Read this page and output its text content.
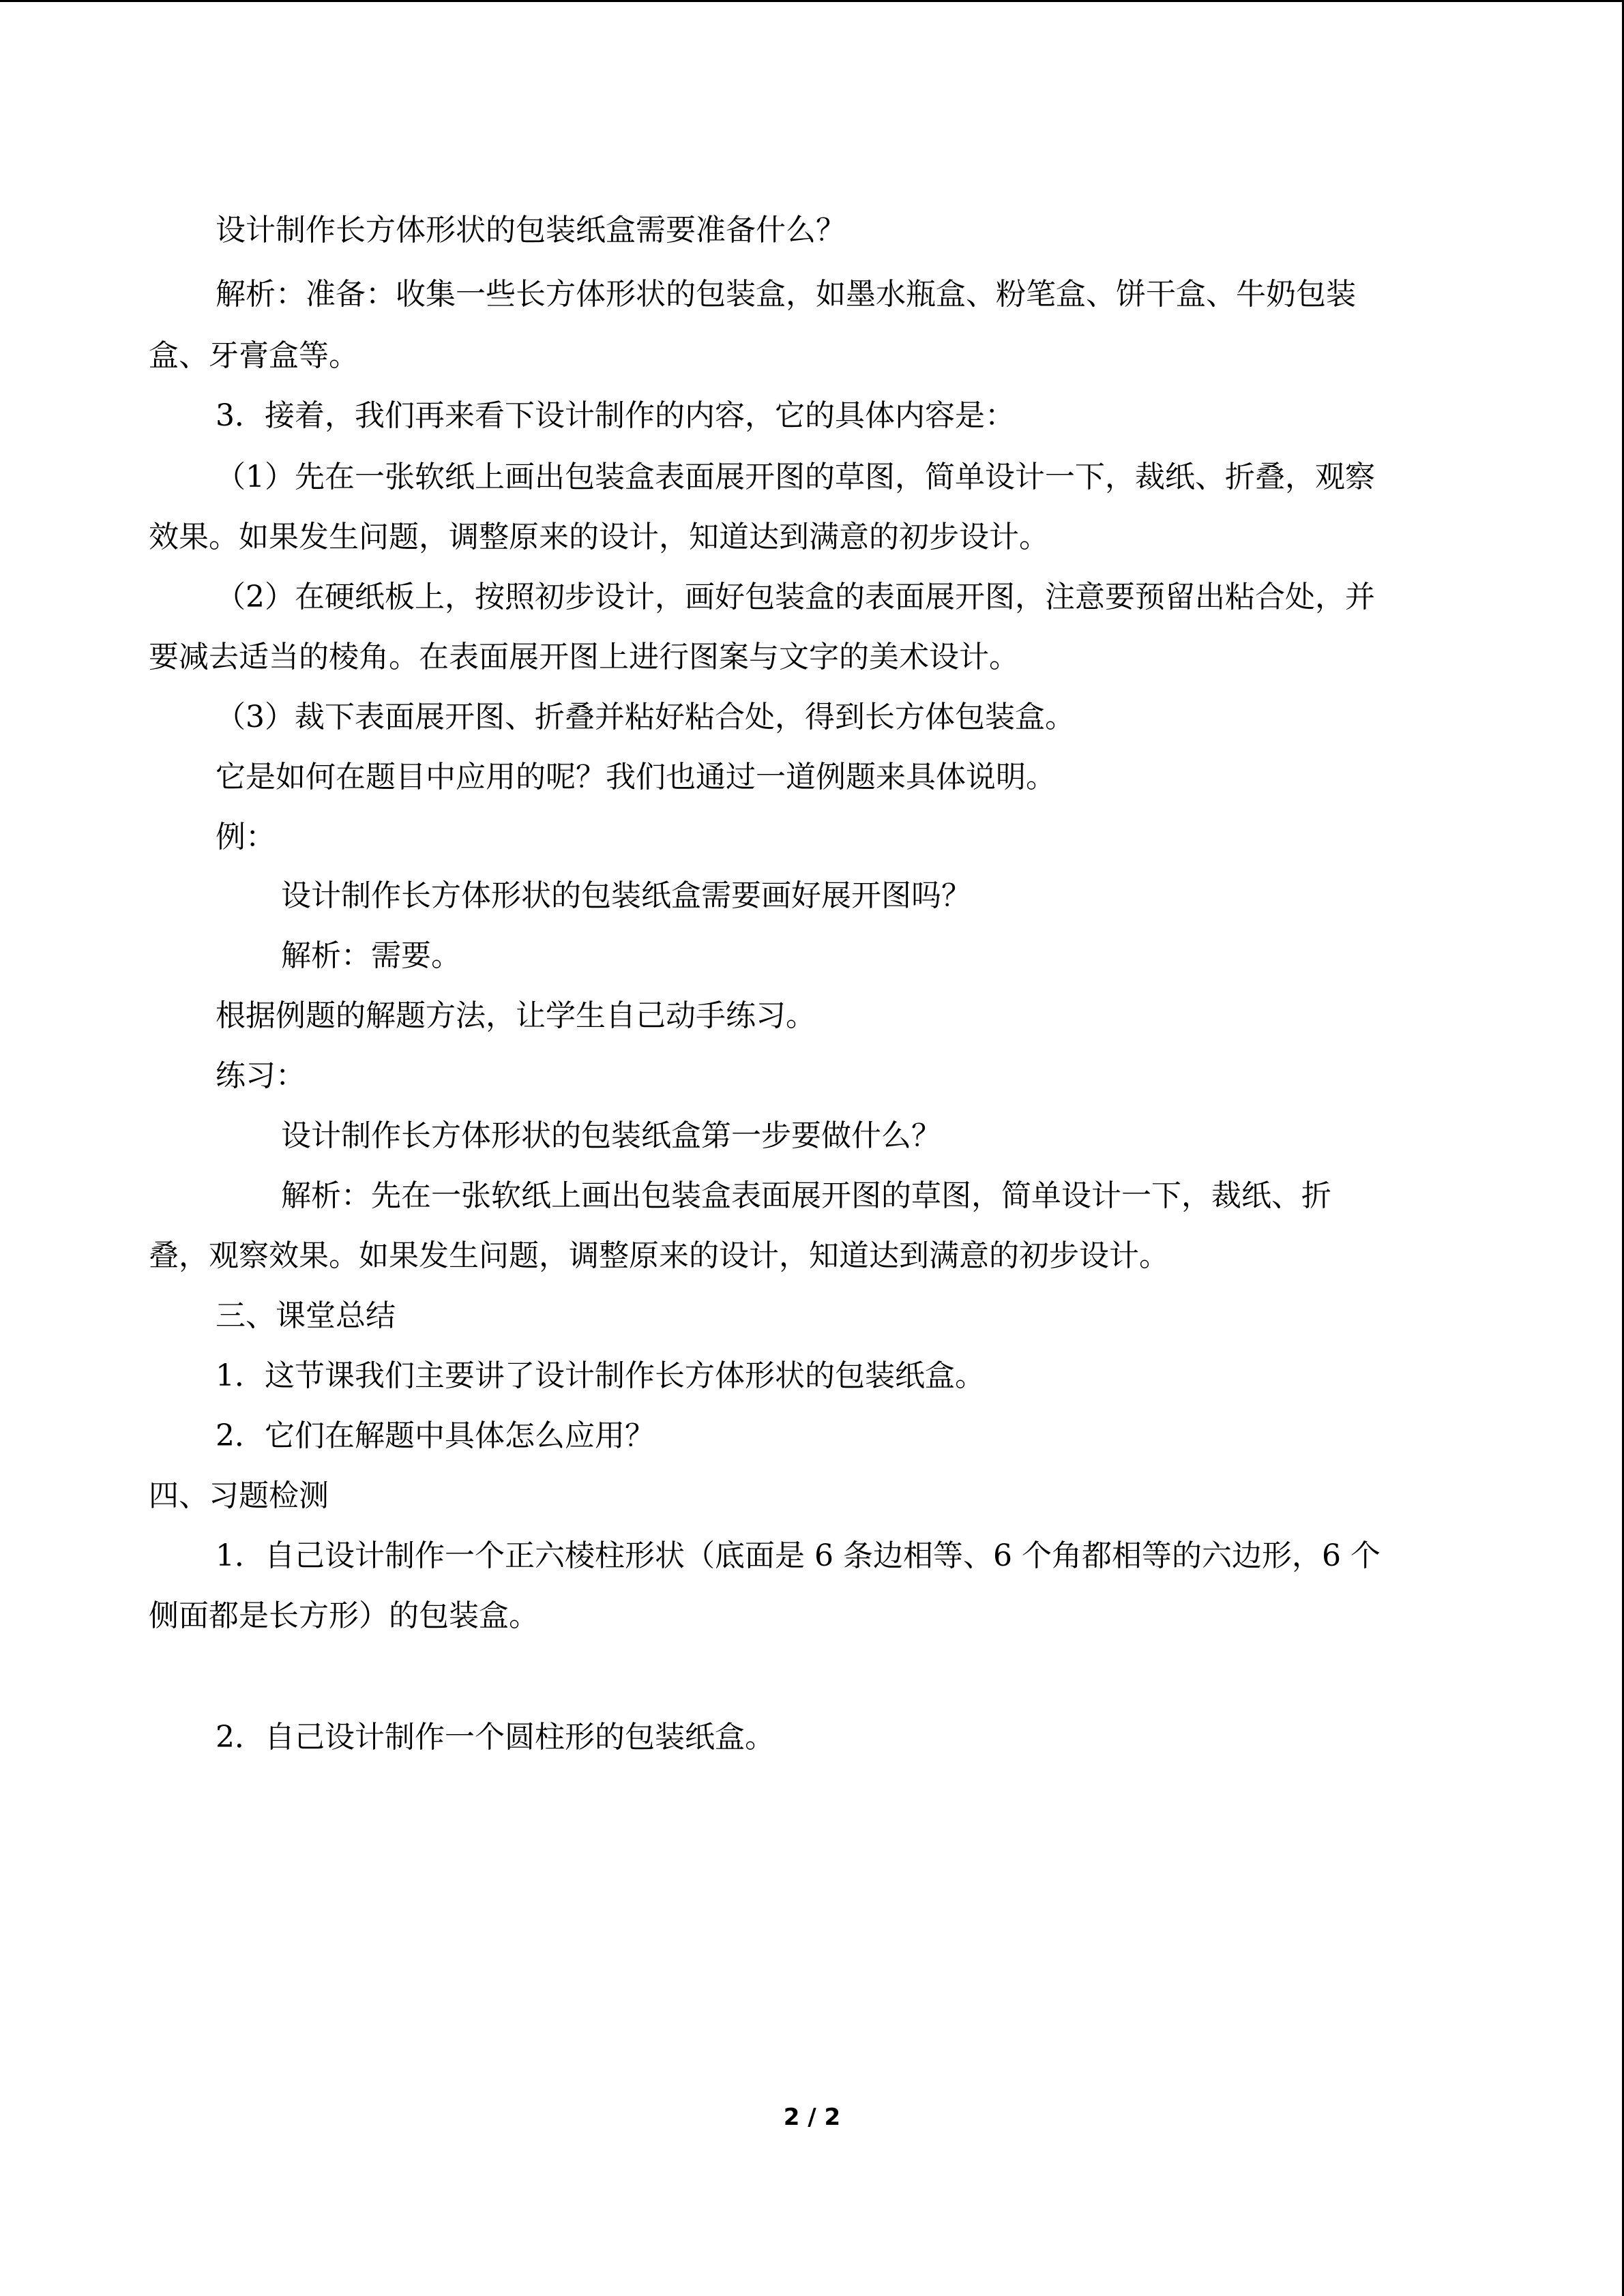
设计制作长方体形状的包装纸盒需要准备什么？
解析：准备：收集一些长方体形状的包装盒，如墨水瓶盒、粉笔盒、饼干盒、牛奶包装
盒、牙膏盒等。
3．接着，我们再来看下设计制作的内容，它的具体内容是：
（1）先在一张软纸上画出包装盒表面展开图的草图，简单设计一下，裁纸、折叠，观察
效果。如果发生问题，调整原来的设计，知道达到满意的初步设计。
（2）在硬纸板上，按照初步设计，画好包装盒的表面展开图，注意要预留出粘合处，并
要减去适当的棱角。在表面展开图上进行图案与文字的美术设计。
（3）裁下表面展开图、折叠并粘好粘合处，得到长方体包装盒。
它是如何在题目中应用的呢？我们也通过一道例题来具体说明。
例：
设计制作长方体形状的包装纸盒需要画好展开图吗？
解析：需要。
根据例题的解题方法，让学生自己动手练习。
练习：
设计制作长方体形状的包装纸盒第一步要做什么？
解析：先在一张软纸上画出包装盒表面展开图的草图，简单设计一下，裁纸、折
叠，观察效果。如果发生问题，调整原来的设计，知道达到满意的初步设计。
三、课堂总结
1．这节课我们主要讲了设计制作长方体形状的包装纸盒。
2．它们在解题中具体怎么应用？
四、习题检测
1．自己设计制作一个正六棱柱形状（底面是 6 条边相等、6 个角都相等的六边形，6 个
侧面都是长方形）的包装盒。
2．自己设计制作一个圆柱形的包装纸盒。
2 / 2
